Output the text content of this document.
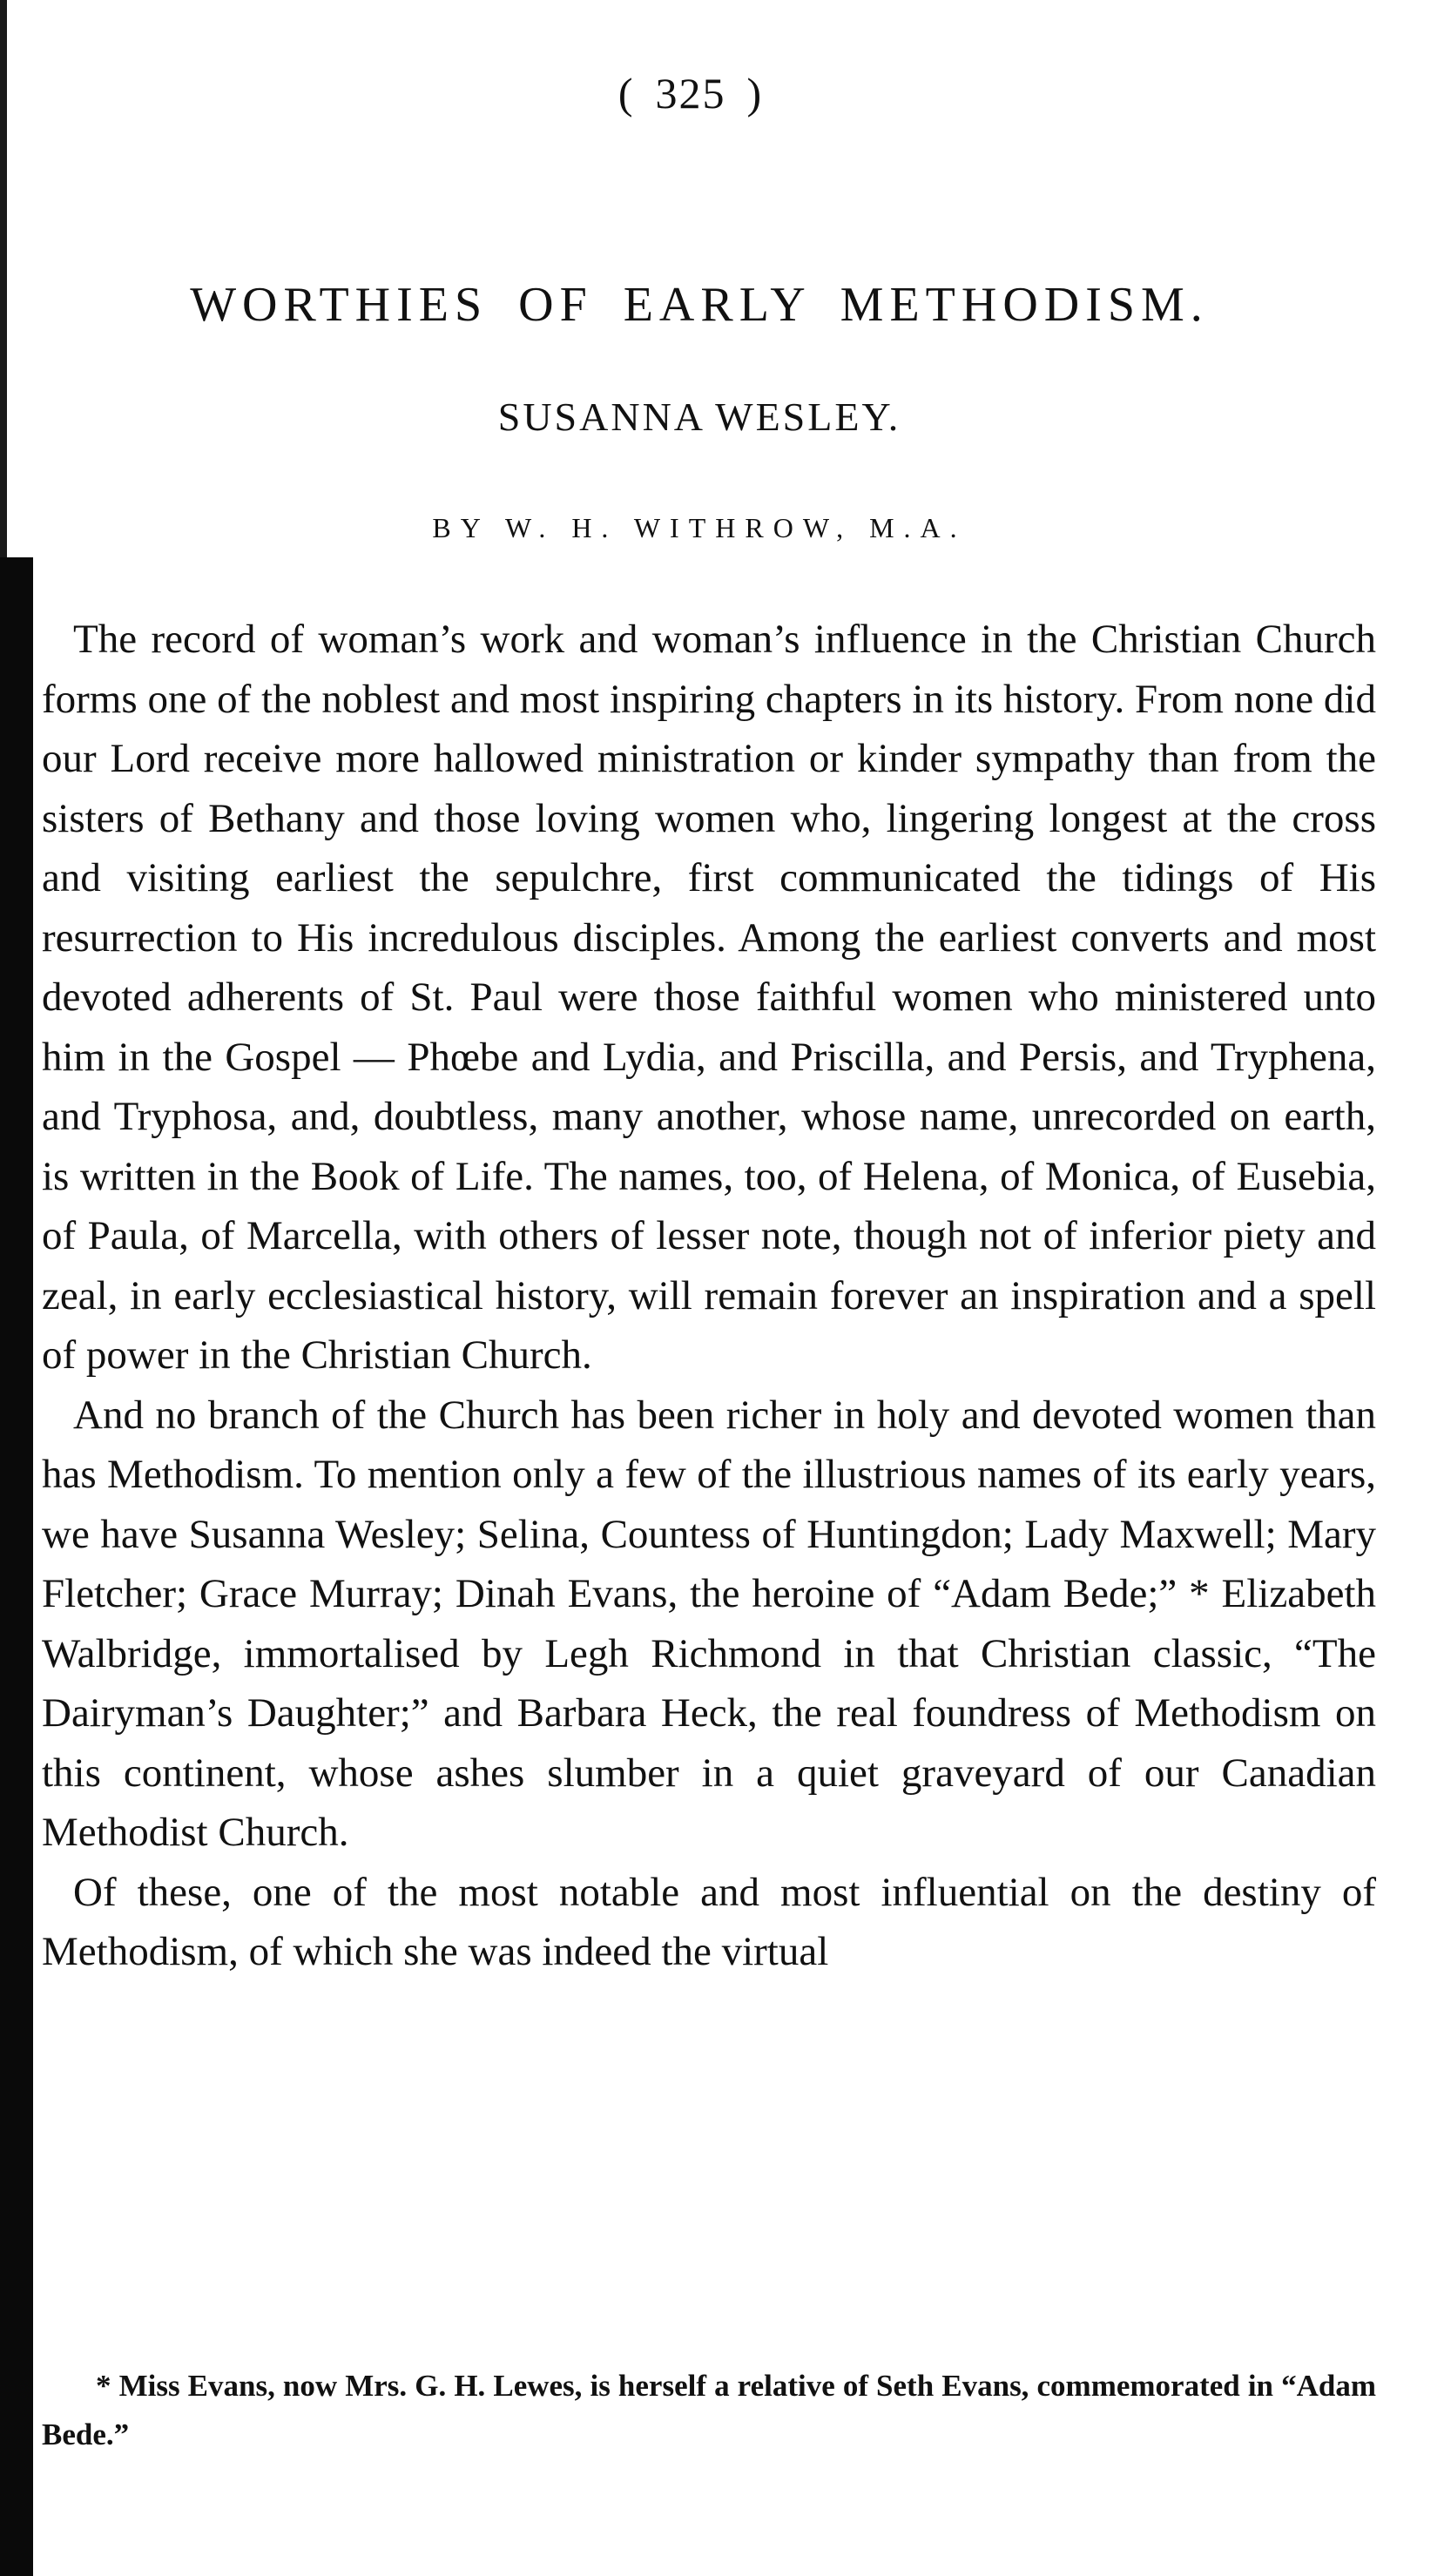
( 325 )
WORTHIES OF EARLY METHODISM.
SUSANNA WESLEY.
BY W. H. WITHROW, M.A.

The record of woman’s work and woman’s influence in the Christian Church forms one of the noblest and most inspiring chapters in its history. From none did our Lord receive more hallowed ministration or kinder sympathy than from the sisters of Bethany and those loving women who, lingering longest at the cross and visiting earliest the sepulchre, first communicated the tidings of His resurrection to His incredulous disciples. Among the earliest converts and most devoted adherents of St. Paul were those faithful women who ministered unto him in the Gospel — Phœbe and Lydia, and Priscilla, and Persis, and Tryphena, and Tryphosa, and, doubtless, many another, whose name, unrecorded on earth, is written in the Book of Life. The names, too, of Helena, of Monica, of Eusebia, of Paula, of Marcella, with others of lesser note, though not of inferior piety and zeal, in early ecclesiastical history, will remain forever an inspiration and a spell of power in the Christian Church.

And no branch of the Church has been richer in holy and devoted women than has Methodism. To mention only a few of the illustrious names of its early years, we have Susanna Wesley; Selina, Countess of Huntingdon; Lady Maxwell; Mary Fletcher; Grace Murray; Dinah Evans, the heroine of “Adam Bede;” * Elizabeth Walbridge, immortalised by Legh Richmond in that Christian classic, “The Dairyman’s Daughter;” and Barbara Heck, the real foundress of Methodism on this continent, whose ashes slumber in a quiet graveyard of our Canadian Methodist Church.

Of these, one of the most notable and most influential on the destiny of Methodism, of which she was indeed the virtual

* Miss Evans, now Mrs. G. H. Lewes, is herself a relative of Seth Evans, commemorated in “Adam Bede.”
